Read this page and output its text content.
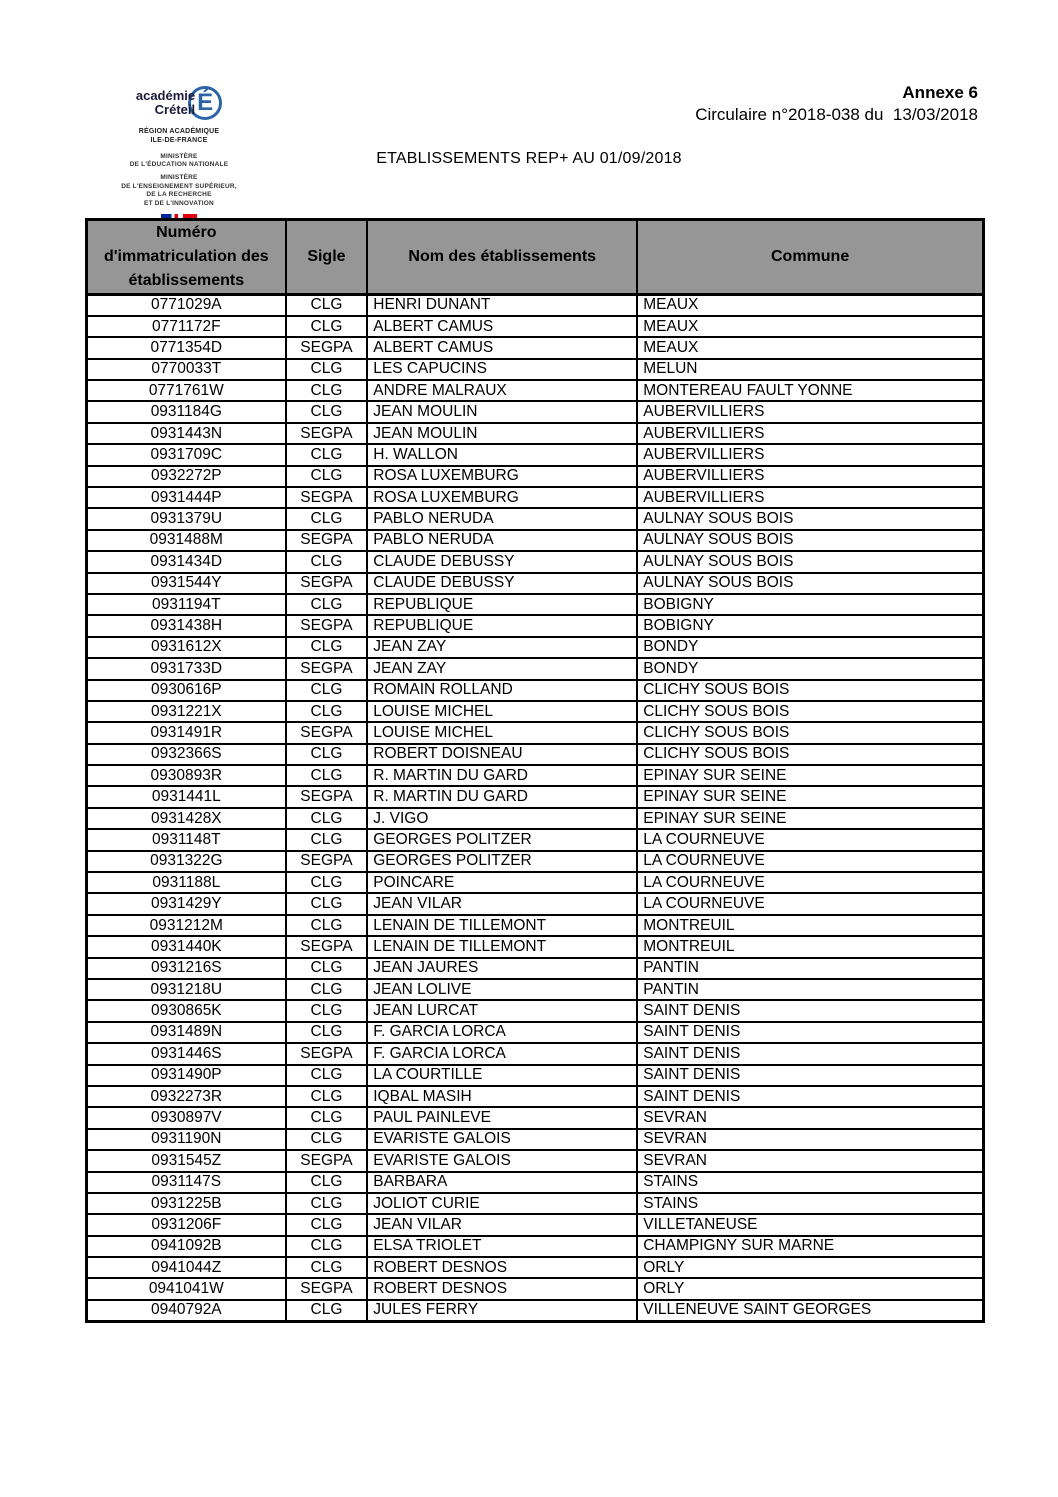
académie
Créteil É
RÉGION ACADÉMIQUE
ILE-DE-FRANCE
MINISTÈRE
DE L'ÉDUCATION NATIONALE
MINISTÈRE
DE L'ENSEIGNEMENT SUPÉRIEUR,
DE LA RECHERCHE
ET DE L'INNOVATION
Annexe 6
Circulaire n°2018-038 du  13/03/2018
ETABLISSEMENTS REP+ AU 01/09/2018
Numéro d'immatriculation des établissements	Sigle	Nom des établissements	Commune
0771029A	CLG	HENRI DUNANT	MEAUX
0771172F	CLG	ALBERT CAMUS	MEAUX
0771354D	SEGPA	ALBERT CAMUS	MEAUX
0770033T	CLG	LES CAPUCINS	MELUN
0771761W	CLG	ANDRE MALRAUX	MONTEREAU FAULT YONNE
0931184G	CLG	JEAN MOULIN	AUBERVILLIERS
0931443N	SEGPA	JEAN MOULIN	AUBERVILLIERS
0931709C	CLG	H. WALLON	AUBERVILLIERS
0932272P	CLG	ROSA LUXEMBURG	AUBERVILLIERS
0931444P	SEGPA	ROSA LUXEMBURG	AUBERVILLIERS
0931379U	CLG	PABLO NERUDA	AULNAY SOUS BOIS
0931488M	SEGPA	PABLO NERUDA	AULNAY SOUS BOIS
0931434D	CLG	CLAUDE DEBUSSY	AULNAY SOUS BOIS
0931544Y	SEGPA	CLAUDE DEBUSSY	AULNAY SOUS BOIS
0931194T	CLG	REPUBLIQUE	BOBIGNY
0931438H	SEGPA	REPUBLIQUE	BOBIGNY
0931612X	CLG	JEAN ZAY	BONDY
0931733D	SEGPA	JEAN ZAY	BONDY
0930616P	CLG	ROMAIN ROLLAND	CLICHY SOUS BOIS
0931221X	CLG	LOUISE MICHEL	CLICHY SOUS BOIS
0931491R	SEGPA	LOUISE MICHEL	CLICHY SOUS BOIS
0932366S	CLG	ROBERT DOISNEAU	CLICHY SOUS BOIS
0930893R	CLG	R. MARTIN DU GARD	EPINAY SUR SEINE
0931441L	SEGPA	R. MARTIN DU GARD	EPINAY SUR SEINE
0931428X	CLG	J. VIGO	EPINAY SUR SEINE
0931148T	CLG	GEORGES POLITZER	LA COURNEUVE
0931322G	SEGPA	GEORGES POLITZER	LA COURNEUVE
0931188L	CLG	POINCARE	LA COURNEUVE
0931429Y	CLG	JEAN VILAR	LA COURNEUVE
0931212M	CLG	LENAIN DE TILLEMONT	MONTREUIL
0931440K	SEGPA	LENAIN DE TILLEMONT	MONTREUIL
0931216S	CLG	JEAN JAURES	PANTIN
0931218U	CLG	JEAN LOLIVE	PANTIN
0930865K	CLG	JEAN LURCAT	SAINT DENIS
0931489N	CLG	F. GARCIA LORCA	SAINT DENIS
0931446S	SEGPA	F. GARCIA LORCA	SAINT DENIS
0931490P	CLG	LA COURTILLE	SAINT DENIS
0932273R	CLG	IQBAL MASIH	SAINT DENIS
0930897V	CLG	PAUL PAINLEVE	SEVRAN
0931190N	CLG	EVARISTE GALOIS	SEVRAN
0931545Z	SEGPA	EVARISTE GALOIS	SEVRAN
0931147S	CLG	BARBARA	STAINS
0931225B	CLG	JOLIOT CURIE	STAINS
0931206F	CLG	JEAN VILAR	VILLETANEUSE
0941092B	CLG	ELSA TRIOLET	CHAMPIGNY SUR MARNE
0941044Z	CLG	ROBERT DESNOS	ORLY
0941041W	SEGPA	ROBERT DESNOS	ORLY
0940792A	CLG	JULES FERRY	VILLENEUVE SAINT GEORGES
